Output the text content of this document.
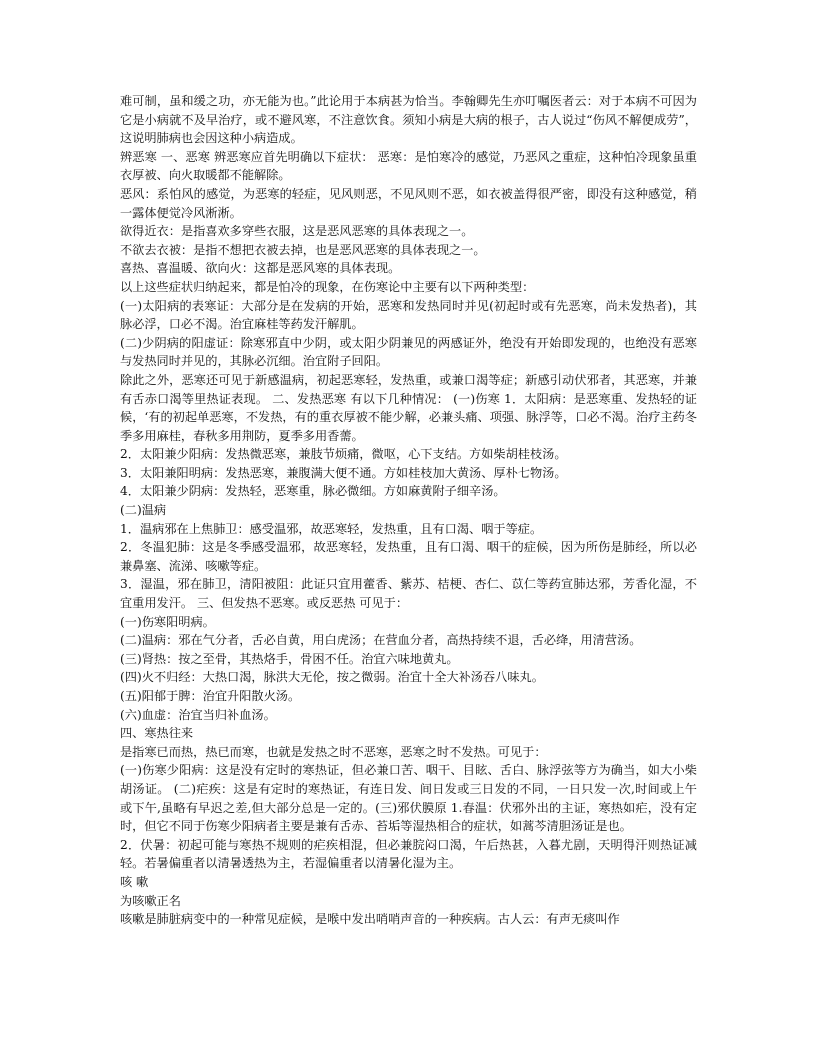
难可制，虽和缓之功，亦无能为也。”此论用于本病甚为恰当。李翰卿先生亦叮嘱医者云：对于本病不可因为它是小病就不及早治疗，或不避风寒，不注意饮食。须知小病是大病的根子，古人说过“伤风不解便成劳”，这说明肺病也会因这种小病造成。

辨恶寒 一、恶寒 辨恶寒应首先明确以下症状： 恶寒：是怕寒冷的感觉，乃恶风之重症，这种怕冷现象虽重衣厚被、向火取暖都不能解除。

恶风：系怕风的感觉，为恶寒的轻症，见风则恶，不见风则不恶，如衣被盖得很严密，即没有这种感觉，稍一露体便觉冷风淅淅。

欲得近衣：是指喜欢多穿些衣服，这是恶风恶寒的具体表现之一。

不欲去衣被：是指不想把衣被去掉，也是恶风恶寒的具体表现之一。

喜热、喜温暖、欲向火：这都是恶风寒的具体表现。

以上这些症状归纳起来，都是怕冷的现象，在伤寒论中主要有以下两种类型：

(一)太阳病的表寒证：大部分是在发病的开始，恶寒和发热同时并见(初起时或有先恶寒，尚未发热者)，其脉必浮，口必不渴。治宜麻桂等药发汗解肌。

(二)少阴病的阳虚证：除寒邪直中少阴，或太阳少阴兼见的两感证外，绝没有开始即发现的，也绝没有恶寒与发热同时并见的，其脉必沉细。治宜附子回阳。

除此之外，恶寒还可见于新感温病，初起恶寒轻，发热重，或兼口渴等症；新感引动伏邪者，其恶寒，并兼有舌赤口渴等里热证表现。 二、发热恶寒 有以下几种情况： (一)伤寒 1．太阳病：是恶寒重、发热轻的证候，‘有的初起单恶寒，不发热，有的重衣厚被不能少解，必兼头痛、项强、脉浮等，口必不渴。治疗主药冬季多用麻桂，春秋多用荆防，夏季多用香薷。

2．太阳兼少阳病：发热微恶寒，兼肢节烦痛，微呕，心下支结。方如柴胡桂枝汤。

3．太阳兼阳明病：发热恶寒，兼腹满大便不通。方如桂枝加大黄汤、厚朴七物汤。

4．太阳兼少阴病：发热轻，恶寒重，脉必微细。方如麻黄附子细辛汤。

(二)温病

1．温病邪在上焦肺卫：感受温邪，故恶寒轻，发热重，且有口渴、咽于等症。

2．冬温犯肺：这是冬季感受温邪，故恶寒轻，发热重，且有口渴、咽干的症候，因为所伤是肺经，所以必兼鼻塞、流涕、咳嗽等症。

3．湿温，邪在肺卫，清阳被阻：此证只宜用藿香、紫苏、桔梗、杏仁、苡仁等药宣肺达邪，芳香化湿，不宜重用发汗。 三、但发热不恶寒。或反恶热 可见于：

(一)伤寒阳明病。

(二)温病：邪在气分者，舌必自黄，用白虎汤；在营血分者，高热持续不退，舌必绛，用清营汤。

(三)肾热：按之至骨，其热烙手，骨困不任。治宜六味地黄丸。

(四)火不归经：大热口渴，脉洪大无伦，按之微弱。治宜十全大补汤吞八味丸。

(五)阳郁于脾：治宜升阳散火汤。

(六)血虚：治宜当归补血汤。

四、寒热往来

是指寒已而热，热已而寒，也就是发热之时不恶寒，恶寒之时不发热。可见于：

(一)伤寒少阳病：这是没有定时的寒热证，但必兼口苦、咽干、目眩、舌白、脉浮弦等方为确当，如大小柴胡汤证。 (二)疟疾：这是有定时的寒热证，有连日发、间日发或三日发的不同，一日只发一次,时间或上午或下午,虽略有早迟之差,但大部分总是一定的。(三)邪伏膜原 1.春温：伏邪外出的主证，寒热如疟，没有定时，但它不同于伤寒少阳病者主要是兼有舌赤、苔垢等湿热相合的症状，如蒿芩清胆汤证是也。

2．伏暑：初起可能与寒热不规则的疟疾相混，但必兼脘闷口渴，午后热甚，入暮尤剧，天明得汗则热证减轻。若暑偏重者以清暑透热为主，若湿偏重者以清暑化湿为主。

咳 嗽

为咳嗽正名

咳嗽是肺脏病变中的一种常见症候，是喉中发出哨哨声音的一种疾病。古人云：有声无痰叫作
